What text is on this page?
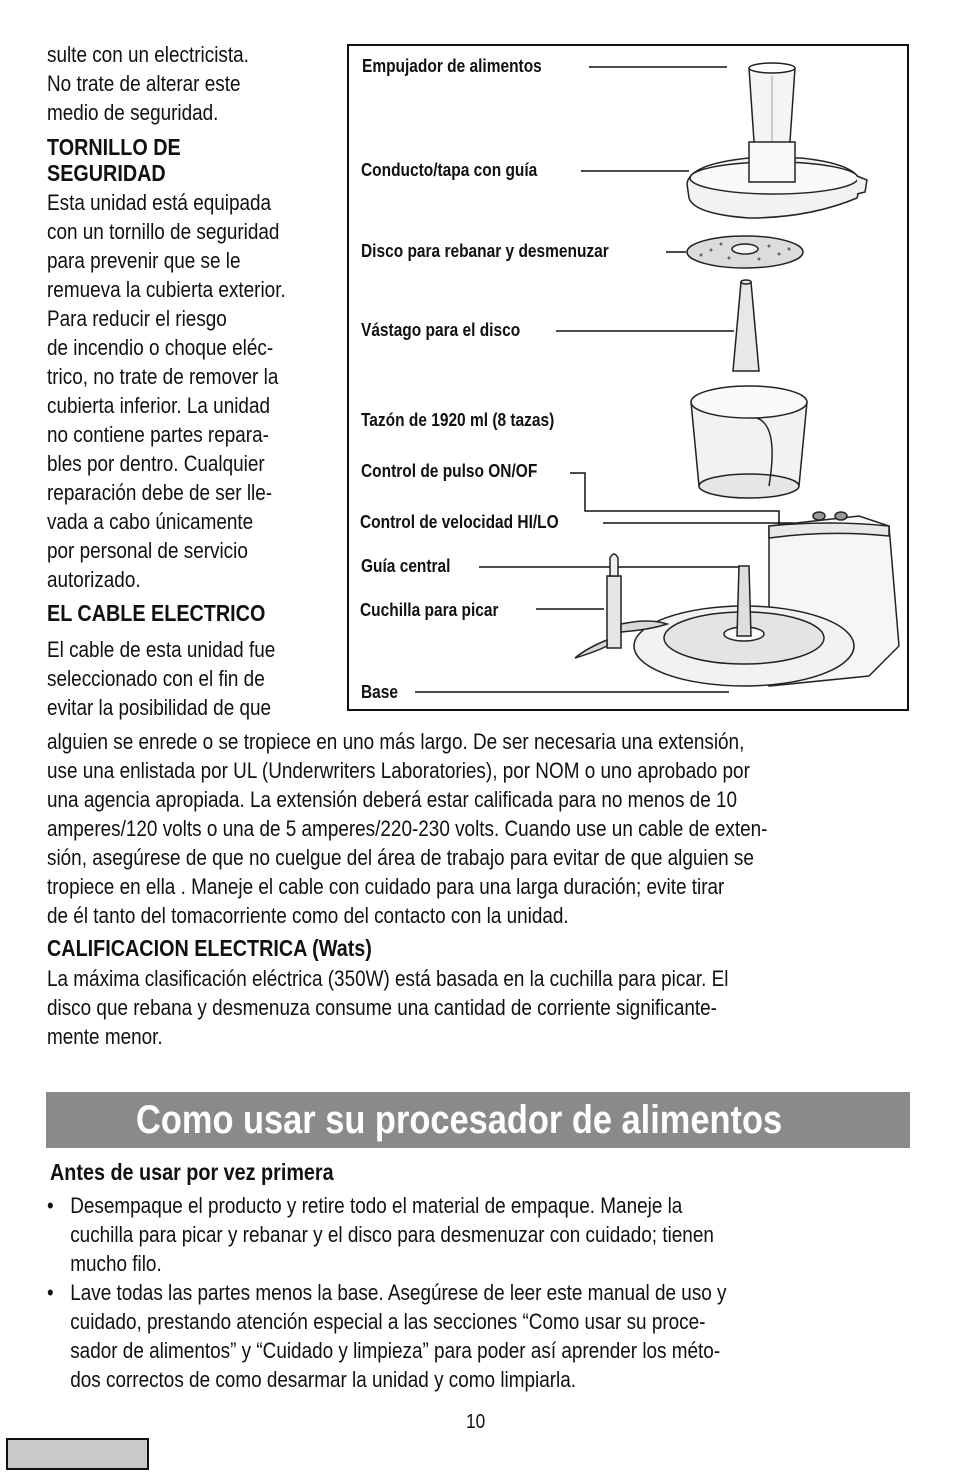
sulte con un electricista.
No trate de alterar este
medio de seguridad.

TORNILLO DE
SEGURIDAD

Esta unidad está equipada
con un tornillo de seguridad
para prevenir que se le
remueva la cubierta exterior.
Para reducir el riesgo
de incendio o choque eléc-
trico, no trate de remover la
cubierta inferior. La unidad
no contiene partes repara-
bles por dentro. Cualquier
reparación debe de ser lle-
vada a cabo únicamente
por personal de servicio
autorizado.

EL CABLE ELECTRICO

El cable de esta unidad fue
seleccionado con el fin de
evitar la posibilidad de que

Empujador de alimentos
Conducto/tapa con guía
Disco para rebanar y desmenuzar
Vástago para el disco
Tazón de 1920 ml (8 tazas)
Control de pulso ON/OF
Control de velocidad HI/LO
Guía central
Cuchilla para picar
Base

alguien se enrede o se tropiece en uno más largo. De ser necesaria una extensión,
use una enlistada por UL (Underwriters Laboratories), por NOM o uno aprobado por
una agencia apropiada. La extensión deberá estar calificada para no menos de 10
amperes/120 volts o una de 5 amperes/220-230 volts. Cuando use un cable de exten-
sión, asegúrese de que no cuelgue del área de trabajo para evitar de que alguien se
tropiece en ella . Maneje el cable con cuidado para una larga duración; evite tirar
de él tanto del tomacorriente como del contacto con la unidad.

CALIFICACION ELECTRICA (Wats)

La máxima clasificación eléctrica (350W) está basada en la cuchilla para picar. El
disco que rebana y desmenuza consume una cantidad de corriente significante-
mente menor.

Como usar su procesador de alimentos
Antes de usar por vez primera
• Desempaque el producto y retire todo el material de empaque. Maneje la
cuchilla para picar y rebanar y el disco para desmenuzar con cuidado; tienen
mucho filo.
• Lave todas las partes menos la base. Asegúrese de leer este manual de uso y
cuidado, prestando atención especial a las secciones “Como usar su proce-
sador de alimentos” y “Cuidado y limpieza” para poder así aprender los méto-
dos correctos de como desarmar la unidad y como limpiarla.
10
